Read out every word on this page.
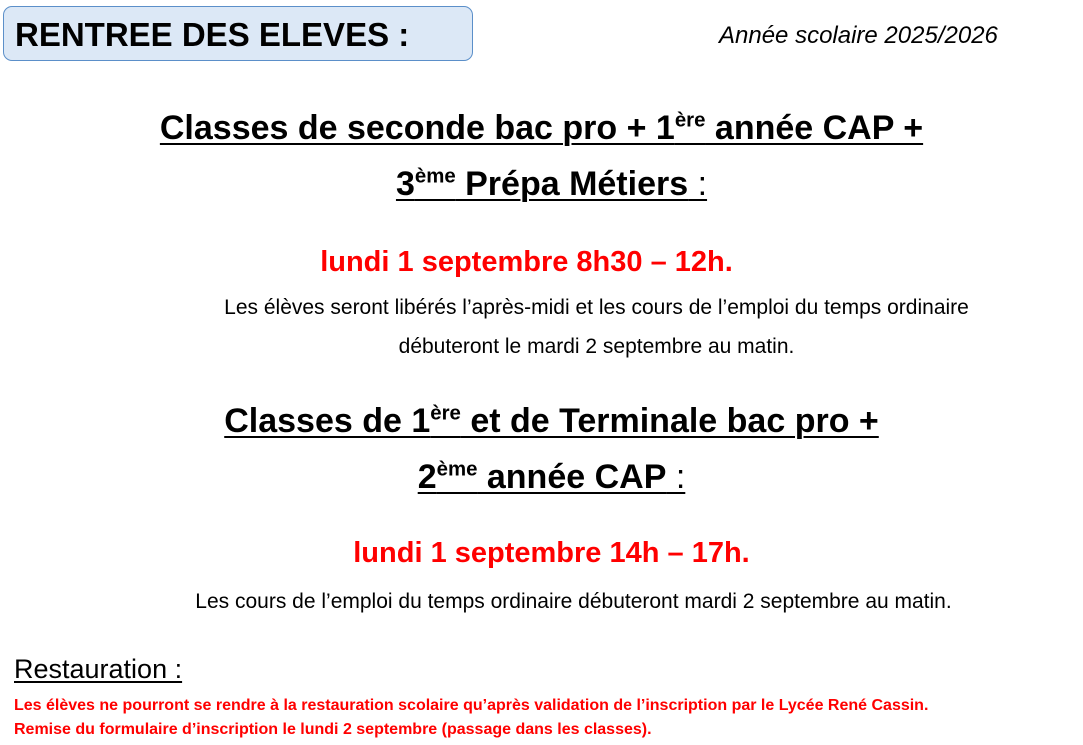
RENTREE DES ELEVES :	Année scolaire 2025/2026
Classes de seconde bac pro + 1ère année CAP +
3ème Prépa Métiers :
lundi 1 septembre 8h30 – 12h.
Les élèves seront libérés l’après-midi et les cours de l’emploi du temps ordinaire
débuteront le mardi 2 septembre au matin.
Classes de 1ère et de Terminale bac pro +
2ème année CAP :
lundi 1 septembre 14h – 17h.
Les cours de l’emploi du temps ordinaire débuteront mardi 2 septembre au matin.
Restauration :
Les élèves ne pourront se rendre à la restauration scolaire qu’après validation de l’inscription par le Lycée René Cassin.
Remise du formulaire d’inscription le lundi 2 septembre (passage dans les classes).
